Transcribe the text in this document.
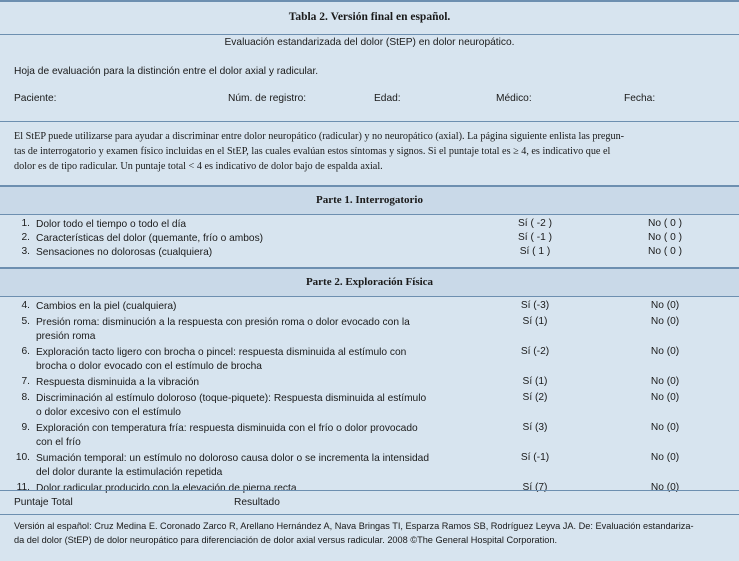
Tabla 2. Versión final en español.
Evaluación estandarizada del dolor (StEP) en dolor neuropático.
Hoja de evaluación para la distinción entre el dolor axial y radicular.
Paciente:	Núm. de registro:	Edad:	Médico:	Fecha:
El StEP puede utilizarse para ayudar a discriminar entre dolor neuropático (radicular) y no neuropático (axial). La página siguiente enlista las pregun-
tas de interrogatorio y examen físico incluidas en el StEP, las cuales evalúan estos síntomas y signos. Si el puntaje total es ≥ 4, es indicativo que el
dolor es de tipo radicular. Un puntaje total < 4 es indicativo de dolor bajo de espalda axial.
Parte 1. Interrogatorio
1. Dolor todo el tiempo o todo el día	Sí ( -2 )	No ( 0 )
2. Características del dolor (quemante, frío o ambos)	Sí ( -1 )	No ( 0 )
3. Sensaciones no dolorosas (cualquiera)	Sí ( 1 )	No ( 0 )
Parte 2. Exploración Física
4. Cambios en la piel (cualquiera)	Sí (-3)	No (0)
5. Presión roma: disminución a la respuesta con presión roma o dolor evocado con la
presión roma
Sí (1)	No (0)
6. Exploración tacto ligero con brocha o pincel: respuesta disminuida al estímulo con
brocha o dolor evocado con el estímulo de brocha
Sí (-2)	No (0)
7. Respuesta disminuida a la vibración	Sí (1)	No (0)
8. Discriminación al estímulo doloroso (toque-piquete): Respuesta disminuida al estímulo
o dolor excesivo con el estímulo
Sí (2)	No (0)
9. Exploración con temperatura fría: respuesta disminuida con el frío o dolor provocado
con el frío
Sí (3)	No (0)
10. Sumación temporal: un estímulo no doloroso causa dolor o se incrementa la intensidad
del dolor durante la estimulación repetida
Sí (-1)	No (0)
11. Dolor radicular producido con la elevación de pierna recta	Sí (7)	No (0)
Puntaje Total	Resultado
Versión al español: Cruz Medina E. Coronado Zarco R, Arellano Hernández A, Nava Bringas TI, Esparza Ramos SB, Rodríguez Leyva JA. De: Evaluación estandariza-
da del dolor (StEP) de dolor neuropático para diferenciación de dolor axial versus radicular. 2008 ©The General Hospital Corporation.
